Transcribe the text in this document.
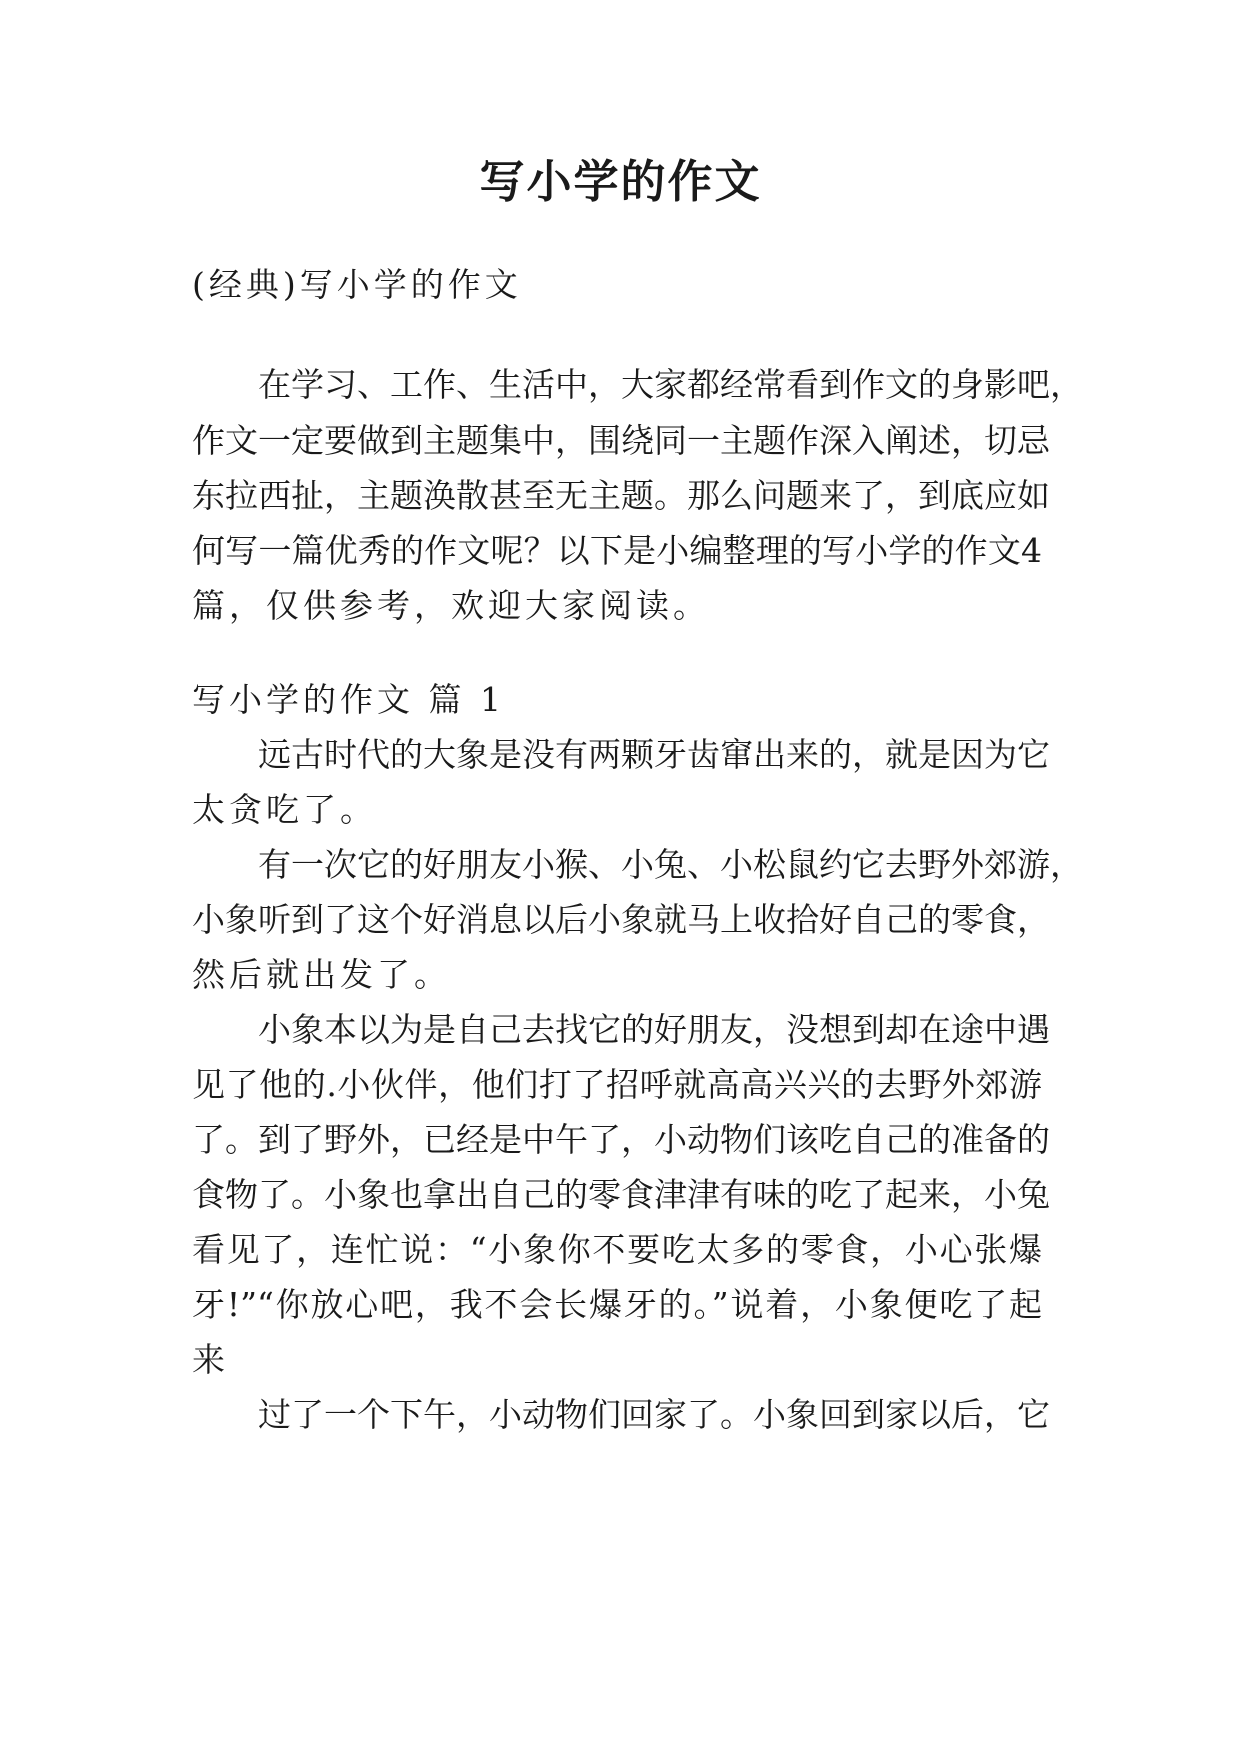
写小学的作文
(经典)写小学的作文
在学习、工作、生活中，大家都经常看到作文的身影吧，
作文一定要做到主题集中，围绕同一主题作深入阐述，切忌
东拉西扯，主题涣散甚至无主题。那么问题来了，到底应如
何写一篇优秀的作文呢？以下是小编整理的写小学的作文4
篇，仅供参考，欢迎大家阅读。
写小学的作文 篇 1
远古时代的大象是没有两颗牙齿窜出来的，就是因为它
太贪吃了。
有一次它的好朋友小猴、小兔、小松鼠约它去野外郊游，
小象听到了这个好消息以后小象就马上收拾好自己的零食，
然后就出发了。
小象本以为是自己去找它的好朋友，没想到却在途中遇
见了他的.小伙伴，他们打了招呼就高高兴兴的去野外郊游
了。到了野外，已经是中午了，小动物们该吃自己的准备的
食物了。小象也拿出自己的零食津津有味的吃了起来，小兔
看见了，连忙说：“小象你不要吃太多的零食，小心张爆
牙!”“你放心吧，我不会长爆牙的。”说着，小象便吃了起
来
过了一个下午，小动物们回家了。小象回到家以后，它
